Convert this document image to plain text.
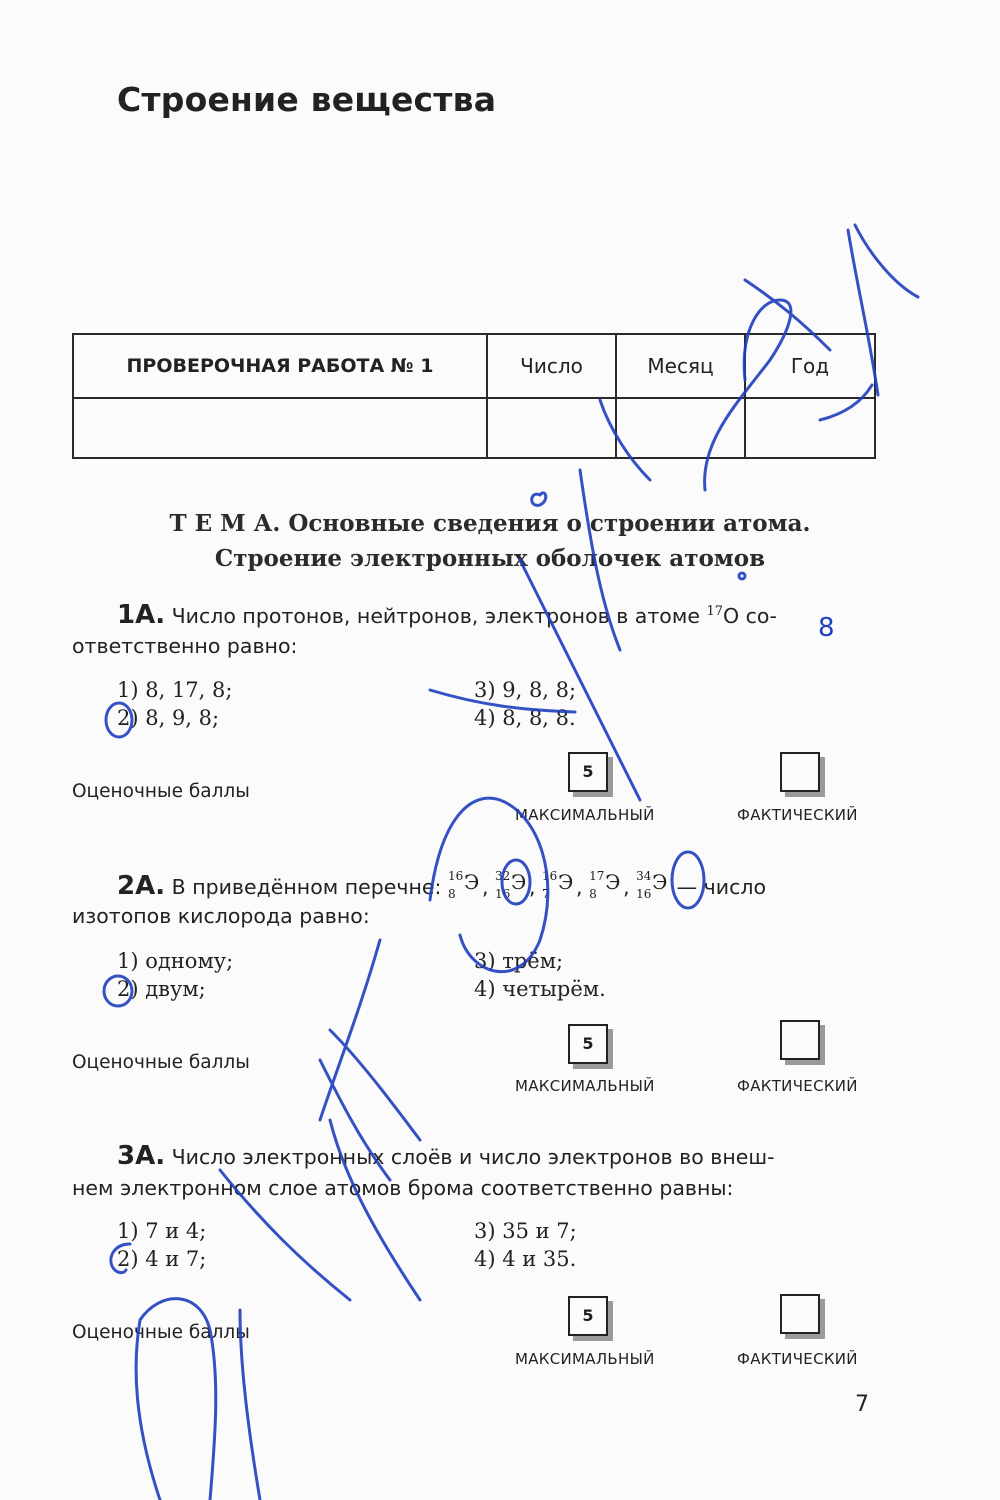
Строение вещества
ПРОВЕРОЧНАЯ РАБОТА № 1	Число	Месяц	Год

Т Е М А. Основные сведения о строении атома.
Строение электронных оболочек атомов
1А. Число протонов, нейтронов, электронов в атоме $^{17}$O со-
ответственно равно:
1) 8, 17, 8;
2) 8, 9, 8;
3) 9, 8, 8;
4) 8, 8, 8.
Оценочные баллы
5
МАКСИМАЛЬНЫЙ	ФАКТИЧЕСКИЙ
2А. В приведённом перечне: 16
8 Э , 32
16 Э , 16
7 Э , 17
8 Э , 34
16 Э — число
изотопов кислорода равно:
1) одному;
2) двум;
3) трём;
4) четырём.
Оценочные баллы
5
МАКСИМАЛЬНЫЙ	ФАКТИЧЕСКИЙ
3А. Число электронных слоёв и число электронов во внеш-
нем электронном слое атомов брома соответственно равны:
1) 7 и 4;
2) 4 и 7;
3) 35 и 7;
4) 4 и 35.
Оценочные баллы
5
МАКСИМАЛЬНЫЙ	ФАКТИЧЕСКИЙ
7
8
